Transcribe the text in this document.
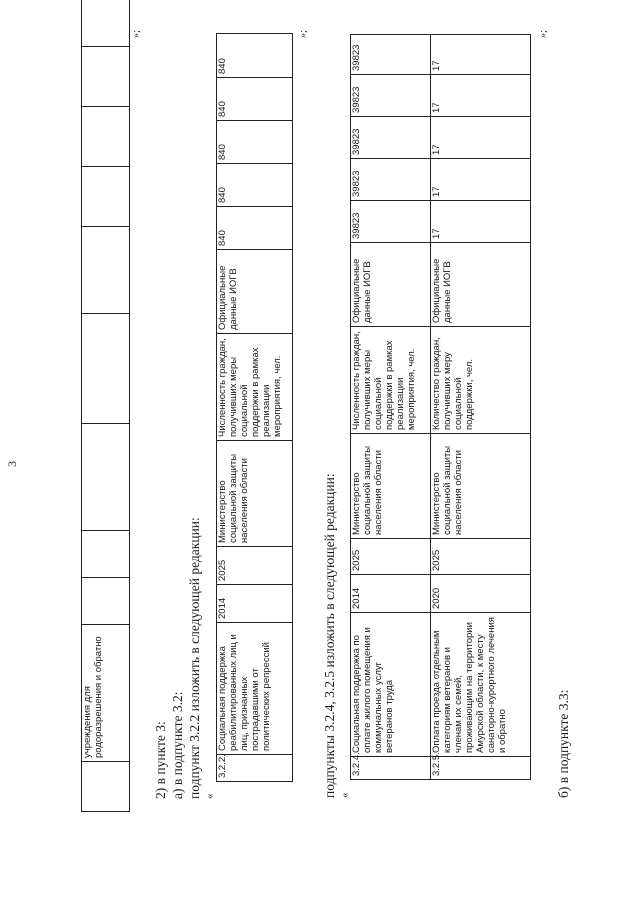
3
	учреждения для родоразрешения и обратно										
»;
2) в пункте 3: а) в подпункте 3.2: подпункт 3.2.2 изложить в следующей редакции: «
3.2.2.	Социальная поддержка реабилитированных лиц и лиц, признанных пострадавшими от политических репрессий	2014	2025	Министерство социальной защиты населения области	Численность граждан, получивших меры социальной поддержки в рамках реализации мероприятия, чел.	Официальные данные ИОГВ	840	840	840	840	840
»;
подпункты 3.2.4, 3.2.5 изложить в следующей редакции: «
3.2.4.	Социальная поддержка по оплате жилого помещения и коммунальных услуг ветеранов труда	2014	2025	Министерство социальной защиты населения области	Численность граждан, получивших меры социальной поддержки в рамках реализации мероприятия, чел.	Официальные данные ИОГВ	39823	39823	39823	39823	39823
3.2.5.	Оплата проезда отдельным категориям ветеранов и членам их семей, проживающим на территории Амурской области, к месту санаторно-курортного лечения и обратно	2020	2025	Министерство социальной защиты населения области	Количество граждан, получивших меру социальной поддержки, чел.	Официальные данные ИОГВ	17	17	17	17	17
»;
б) в подпункте 3.3:
